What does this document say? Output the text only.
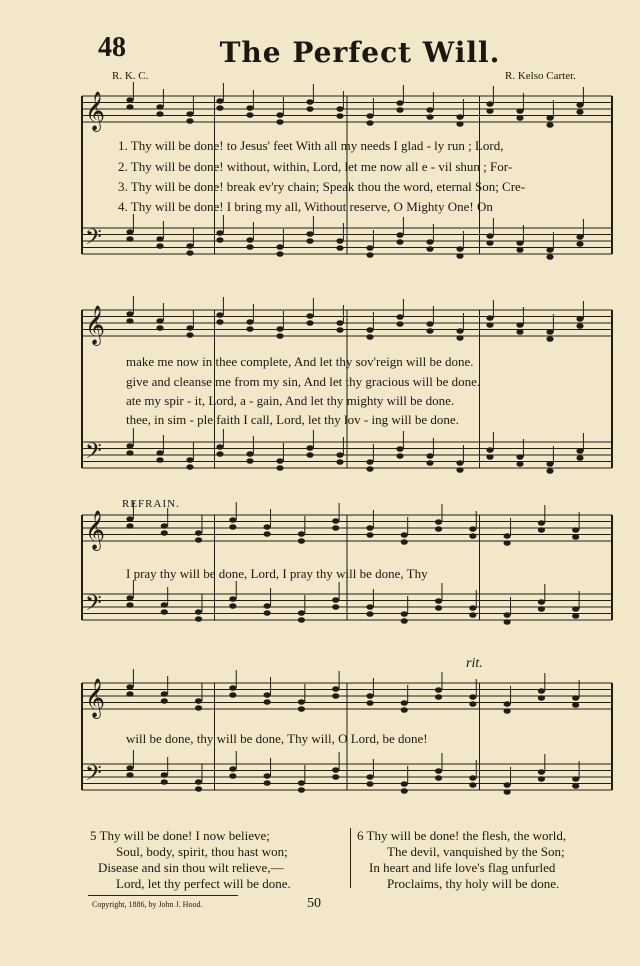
48	The Perfect Will.
R. K. C.	R. Kelso Carter.
𝄞
𝄢
𝄞
𝄢
𝄞
𝄢
𝄞
𝄢
1. Thy will be done! to Jesus' feet With all my needs I glad - ly run ; Lord,
2. Thy will be done! without, within, Lord, let me now all e - vil shun ; For-
3. Thy will be done! break ev'ry chain; Speak thou the word, eternal Son; Cre-
4. Thy will be done! I bring my all, Without reserve, O Mighty One! On
make me now in thee complete, And let thy sov'reign will be done.
give and cleanse me from my sin, And let thy gracious will be done.
ate my spir - it, Lord, a - gain, And let thy mighty will be done.
thee, in sim - ple faith I call, Lord, let thy lov - ing will be done.
REFRAIN.
I pray thy will be done, Lord, I pray thy will be done, Thy
rit.
will be done, thy will be done, Thy will, O Lord, be done!
5 Thy will be done! I now believe;
Soul, body, spirit, thou hast won;
Disease and sin thou wilt relieve,—
Lord, let thy perfect will be done.
6 Thy will be done! the flesh, the world,
The devil, vanquished by the Son;
In heart and life love's flag unfurled
Proclaims, thy holy will be done.
Copyright, 1886, by John J. Hood.	50
